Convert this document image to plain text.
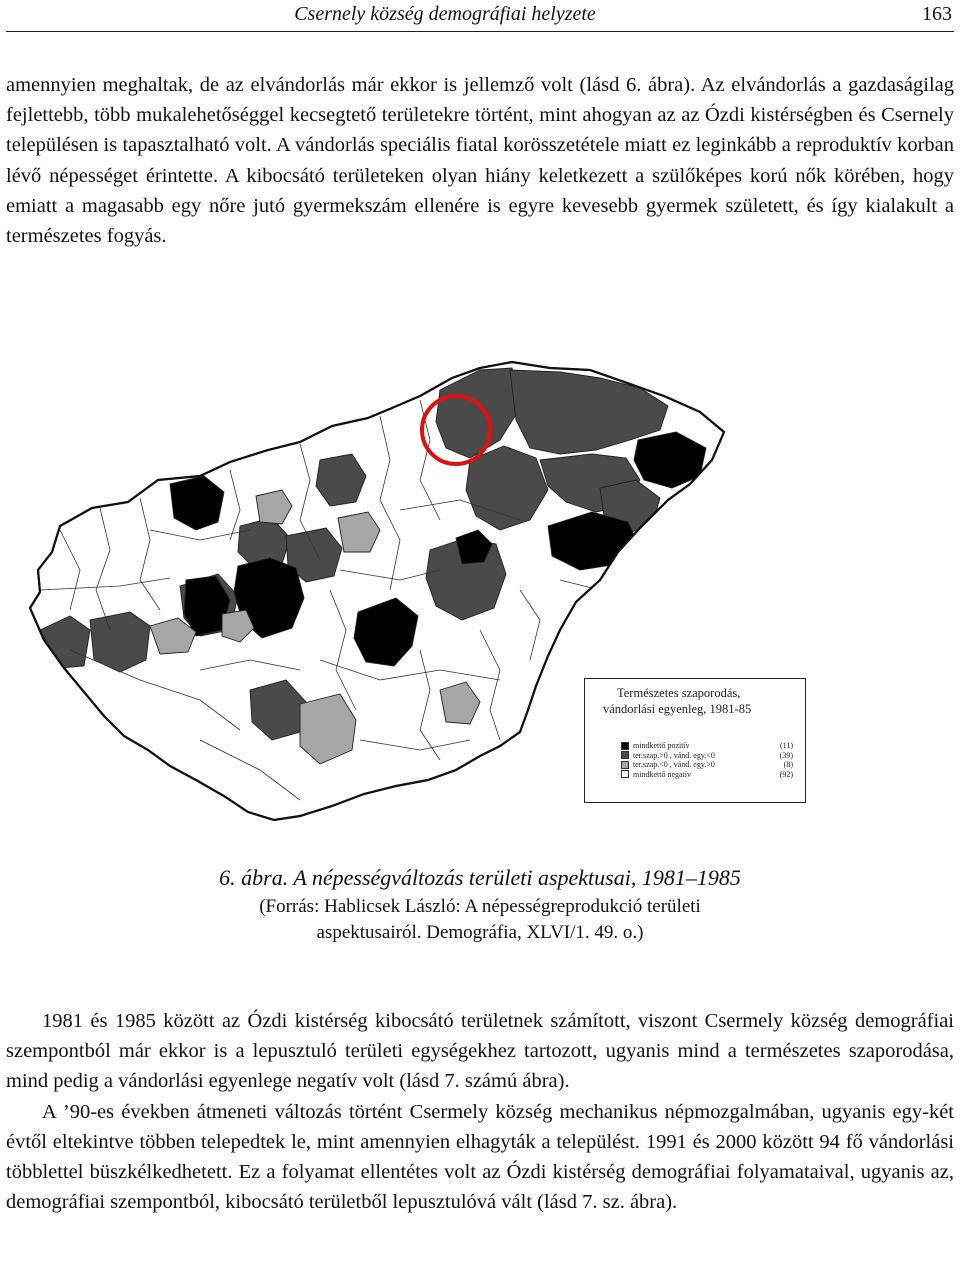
Csernely község demográfiai helyzete	163

amennyien meghaltak, de az elvándorlás már ekkor is jellemző volt (lásd 6. ábra). Az elvándorlás a gazdaságilag fejlettebb, több mukalehetőséggel kecsegtető területekre történt, mint ahogyan az az Ózdi kistérségben és Csernely településen is tapasztalható volt. A vándorlás speciális fiatal korösszetétele miatt ez leginkább a reproduktív korban lévő népességet érintette. A kibocsátó területeken olyan hiány keletkezett a szülőképes korú nők körében, hogy emiatt a magasabb egy nőre jutó gyermekszám ellenére is egyre kevesebb gyermek született, és így kialakult a természetes fogyás.

Természetes szaporodás,
vándorlási egyenleg, 1981-85
mindkettő pozitív	(11)
ter.szap.>0 , vánd. egy.<0	(39)
ter.szap.<0 , vánd. egy.>0	(8)
mindkettő negatív	(92)
6. ábra. A népességváltozás területi aspektusai, 1981–1985
(Forrás: Hablicsek László: A népességreprodukció területi
aspektusairól. Demográfia, XLVI/1. 49. o.)

1981 és 1985 között az Ózdi kistérség kibocsátó területnek számított, viszont Csermely község demográfiai szempontból már ekkor is a lepusztuló területi egységekhez tartozott, ugyanis mind a természetes szaporodása, mind pedig a vándorlási egyenlege negatív volt (lásd 7. számú ábra).

A ’90-es években átmeneti változás történt Csermely község mechanikus népmozgalmában, ugyanis egy-két évtől eltekintve többen telepedtek le, mint amennyien elhagyták a települést. 1991 és 2000 között 94 fő vándorlási többlettel büszkélkedhetett. Ez a folyamat ellentétes volt az Ózdi kistérség demográfiai folyamataival, ugyanis az, demográfiai szempontból, kibocsátó területből lepusztulóvá vált (lásd 7. sz. ábra).
